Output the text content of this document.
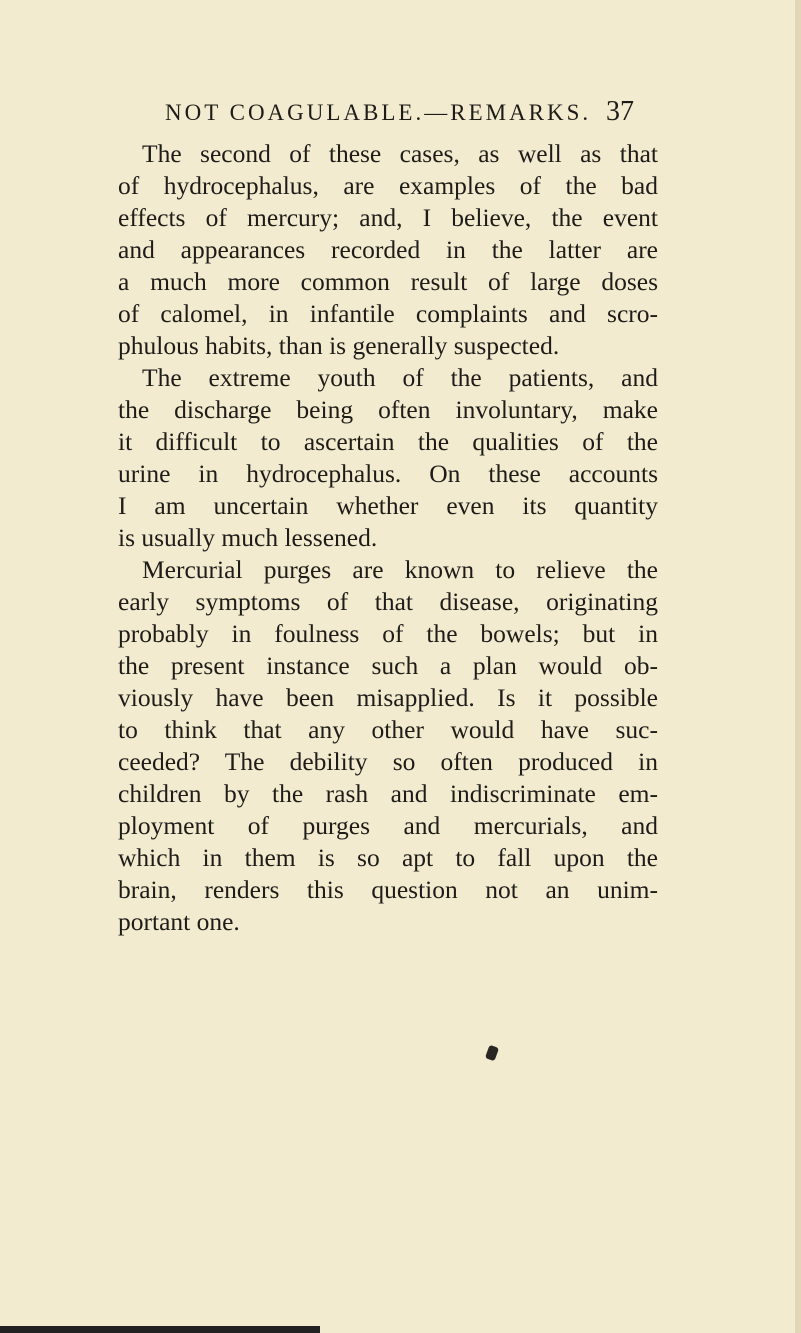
NOT COAGULABLE.—REMARKS. 37
The second of these cases, as well as that
of hydrocephalus, are examples of the bad
effects of mercury; and, I believe, the event
and appearances recorded in the latter are
a much more common result of large doses
of calomel, in infantile complaints and scro-
phulous habits, than is generally suspected.
The extreme youth of the patients, and
the discharge being often involuntary, make
it difficult to ascertain the qualities of the
urine in hydrocephalus. On these accounts
I am uncertain whether even its quantity
is usually much lessened.
Mercurial purges are known to relieve the
early symptoms of that disease, originating
probably in foulness of the bowels; but in
the present instance such a plan would ob-
viously have been misapplied. Is it possible
to think that any other would have suc-
ceeded? The debility so often produced in
children by the rash and indiscriminate em-
ployment of purges and mercurials, and
which in them is so apt to fall upon the
brain, renders this question not an unim-
portant one.
